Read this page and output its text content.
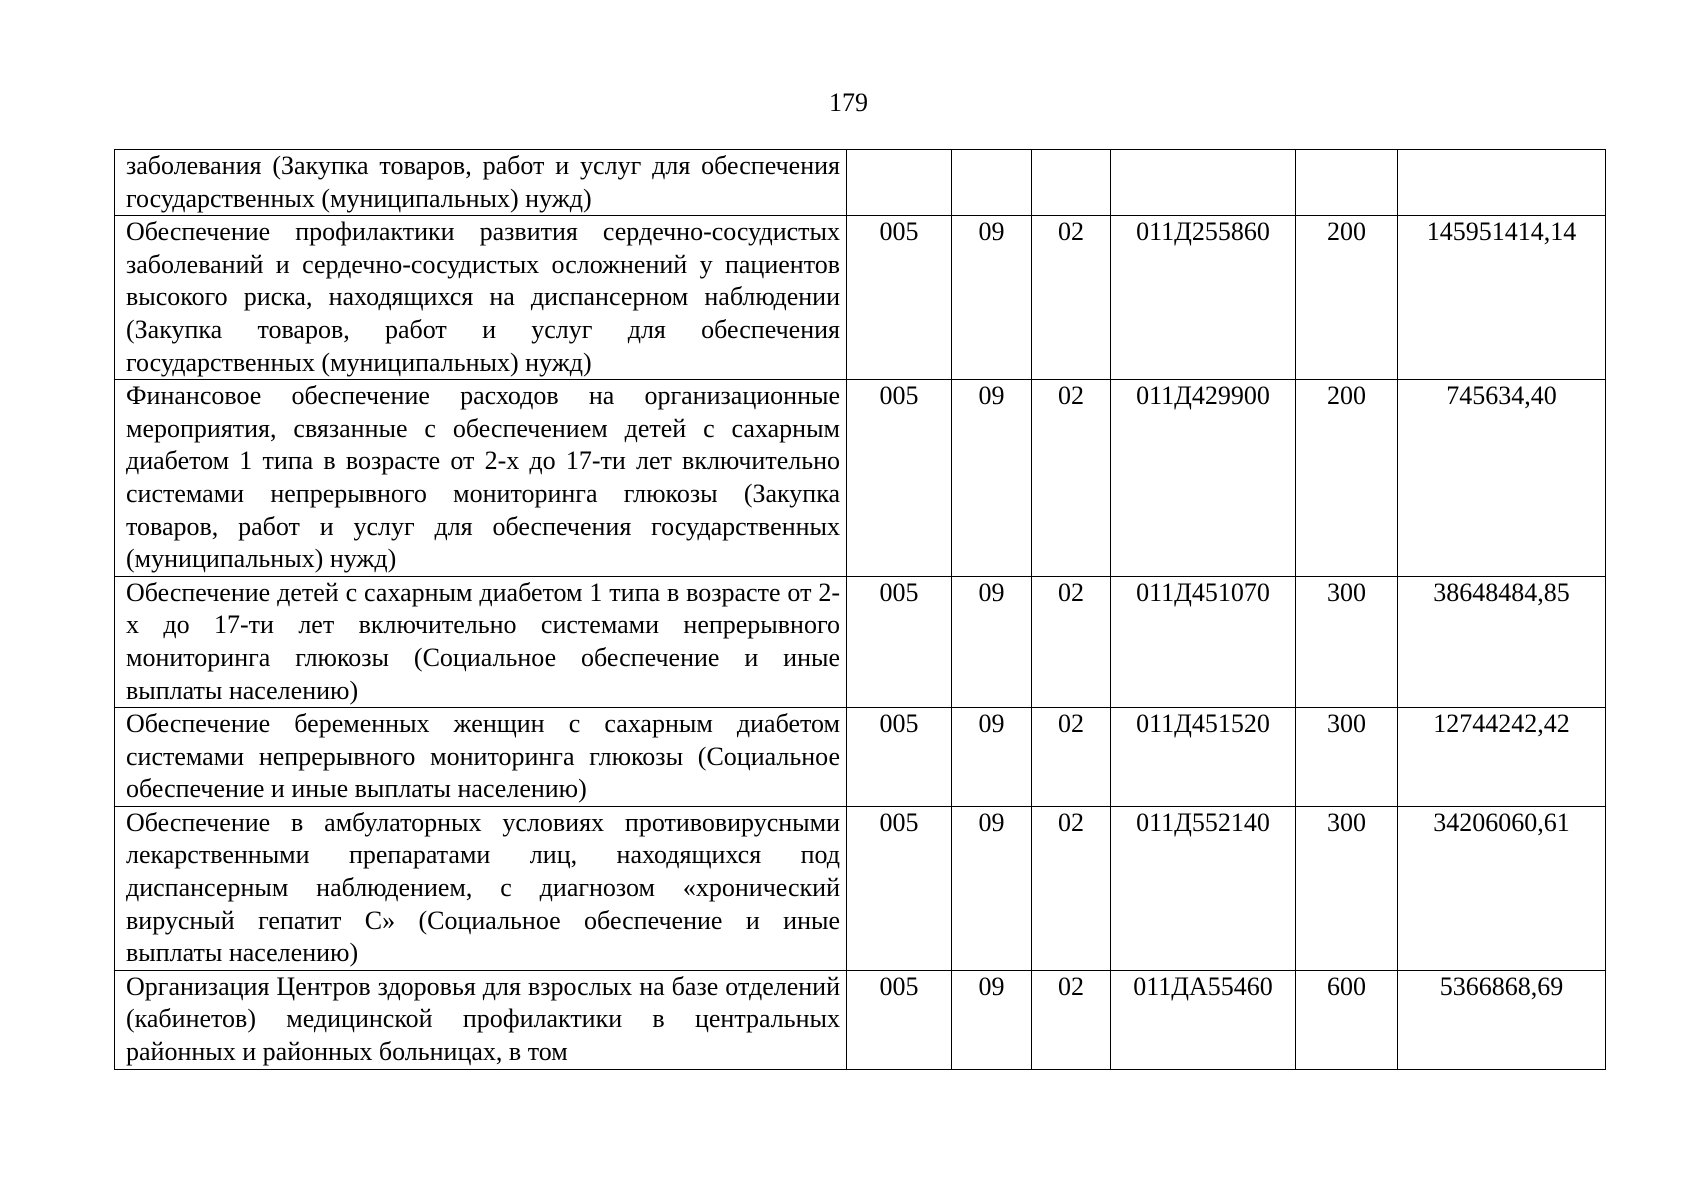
179
заболевания (Закупка товаров, работ и услуг для обеспечения государственных (муниципальных) нужд)						
Обеспечение профилактики развития сердечно-сосудистых заболеваний и сердечно-сосудистых осложнений у пациентов высокого риска, находящихся на диспансерном наблюдении (Закупка товаров, работ и услуг для обеспечения государственных (муниципальных) нужд)	005	09	02	011Д255860	200	145951414,14
Финансовое обеспечение расходов на организационные мероприятия, связанные с обеспечением детей с сахарным диабетом 1 типа в возрасте от 2-х до 17-ти лет включительно системами непрерывного мониторинга глюкозы (Закупка товаров, работ и услуг для обеспечения государственных (муниципальных) нужд)	005	09	02	011Д429900	200	745634,40
Обеспечение детей с сахарным диабетом 1 типа в возрасте от 2-х до 17-ти лет включительно системами непрерывного мониторинга глюкозы (Социальное обеспечение и иные выплаты населению)	005	09	02	011Д451070	300	38648484,85
Обеспечение беременных женщин с сахарным диабетом системами непрерывного мониторинга глюкозы (Социальное обеспечение и иные выплаты населению)	005	09	02	011Д451520	300	12744242,42
Обеспечение в амбулаторных условиях противовирусными лекарственными препаратами лиц, находящихся под диспансерным наблюдением, с диагнозом «хронический вирусный гепатит С» (Социальное обеспечение и иные выплаты населению)	005	09	02	011Д552140	300	34206060,61
Организация Центров здоровья для взрослых на базе отделений (кабинетов) медицинской профилактики в центральных районных и районных больницах, в том	005	09	02	011ДА55460	600	5366868,69
